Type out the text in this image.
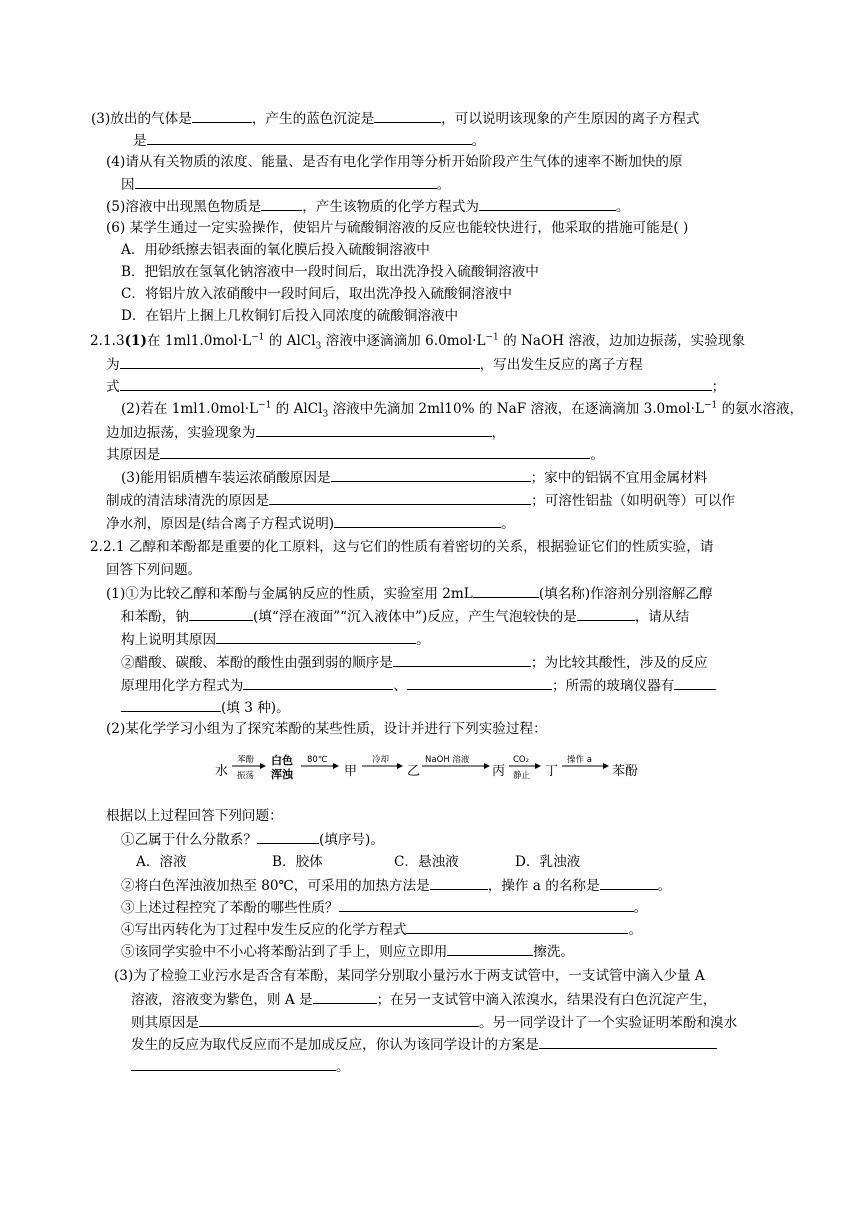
(3)放出的气体是	，产生的蓝色沉淀是	，可以说明该现象的产生原因的离子方程式
是	。
(4)请从有关物质的浓度、能量、是否有电化学作用等分析开始阶段产生气体的速率不断加快的原
因	。
(5)溶液中出现黑色物质是	，产生该物质的化学方程式为	。
(6) 某学生通过一定实验操作，使铝片与硫酸铜溶液的反应也能较快进行，他采取的措施可能是( )
A．用砂纸擦去铝表面的氧化膜后投入硫酸铜溶液中
B．把铝放在氢氧化钠溶液中一段时间后，取出洗净投入硫酸铜溶液中
C．将铝片放入浓硝酸中一段时间后，取出洗净投入硫酸铜溶液中
D．在铝片上捆上几枚铜钉后投入同浓度的硫酸铜溶液中
2.1.3(1)在 $1ml1.0mol\cdot L^{-1}$ 的 AlCl$_3$ 溶液中逐滴滴加 $6.0mol\cdot L^{-1}$ 的 NaOH 溶液，边加边振荡，实验现象
为	，写出发生反应的离子方程
式	；
(2)若在 $1ml1.0mol\cdot L^{-1}$ 的 AlCl$_3$ 溶液中先滴加 2ml10% 的 NaF 溶液，在逐滴滴加 $3.0mol\cdot L^{-1}$ 的氨水溶液，
边加边振荡，实验现象为	，
其原因是	。
(3)能用铝质槽车装运浓硝酸原因是	；家中的铝锅不宜用金属材料
制成的清洁球清洗的原因是	；可溶性铝盐（如明矾等）可以作
净水剂，原因是(结合离子方程式说明)	。
2.2.1 乙醇和苯酚都是重要的化工原料，这与它们的性质有着密切的关系，根据验证它们的性质实验，请
回答下列问题。
(1)①为比较乙醇和苯酚与金属钠反应的性质，实验室用 2mL	(填名称)作溶剂分别溶解乙醇
和苯酚，钠	(填“浮在液面”“沉入液体中”)反应，产生气泡较快的是	，请从结
构上说明其原因	。
②醋酸、碳酸、苯酚的酸性由强到弱的顺序是	；为比较其酸性，涉及的反应
原理用化学方程式为	、	；所需的玻璃仪器有
(填 3 种)。
(2)某化学学习小组为了探究苯酚的某些性质，设计并进行下列实验过程：
水
苯酚
振荡
白色
浑浊
80℃
甲
冷却
乙
NaOH 溶液
丙
CO₂
静止 丁
操作 a
苯酚
根据以上过程回答下列问题：
①乙属于什么分散系？	(填序号)。
A．溶液	B．胶体	C．悬浊液	D．乳浊液
②将白色浑浊液加热至 80℃，可采用的加热方法是	，操作 a 的名称是	。
③上述过程控究了苯酚的哪些性质？	。
④写出丙转化为丁过程中发生反应的化学方程式	。
⑤该同学实验中不小心将苯酚沾到了手上，则应立即用	擦洗。
(3)为了检验工业污水是否含有苯酚，某同学分别取小量污水于两支试管中，一支试管中滴入少量 A
溶液，溶液变为紫色，则 A 是	；在另一支试管中滴入浓溴水，结果没有白色沉淀产生，
则其原因是	。另一同学设计了一个实验证明苯酚和溴水
发生的反应为取代反应而不是加成反应，你认为该同学设计的方案是
。
